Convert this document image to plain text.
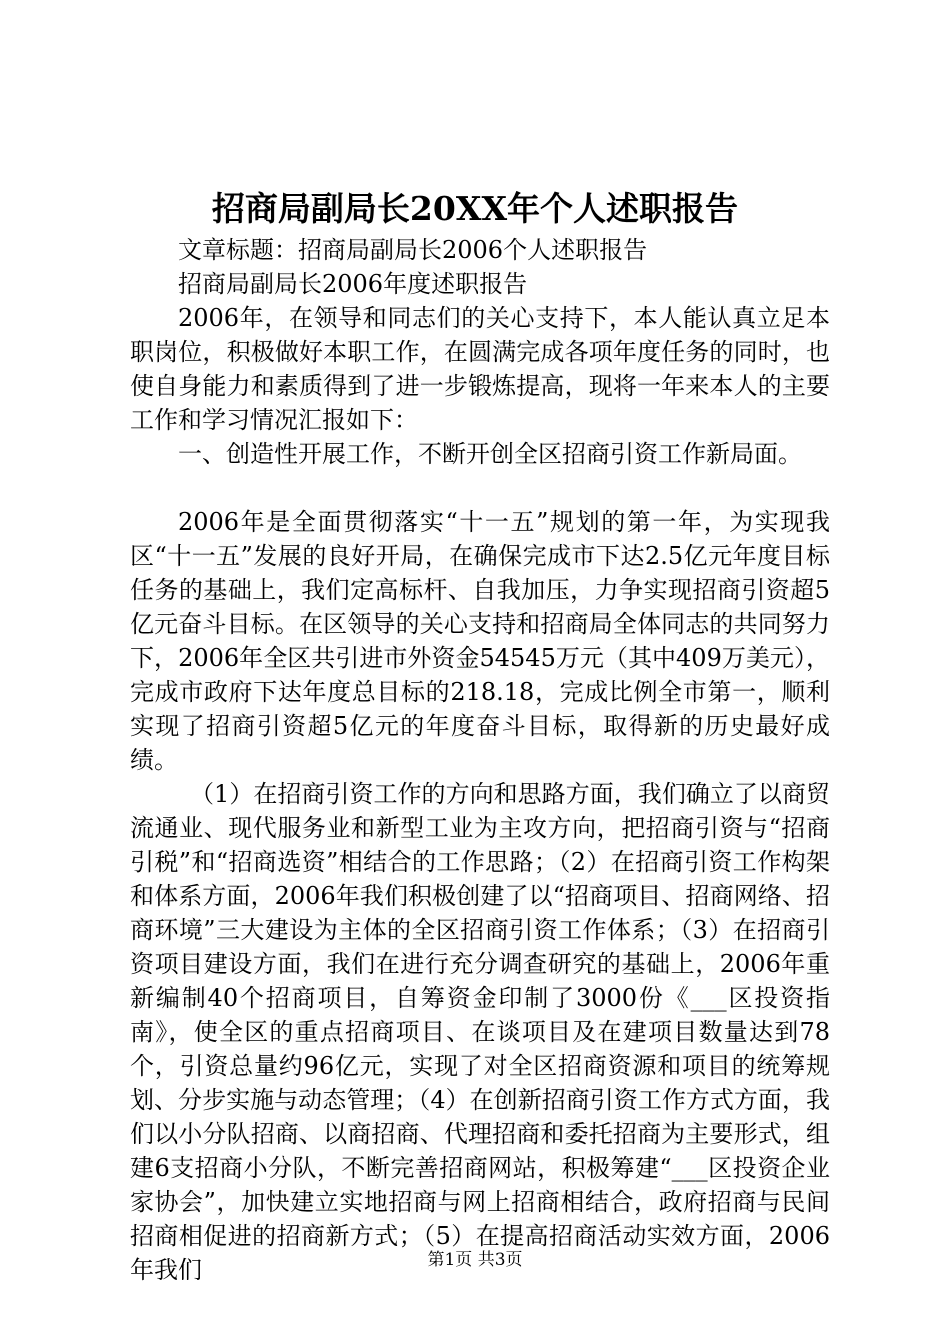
招商局副局长20XX年个人述职报告

文章标题：招商局副局长2006个人述职报告

招商局副局长2006年度述职报告

2006年，在领导和同志们的关心支持下，本人能认真立足本职岗位，积极做好本职工作，在圆满完成各项年度任务的同时，也使自身能力和素质得到了进一步锻炼提高，现将一年来本人的主要工作和学习情况汇报如下：

一、创造性开展工作，不断开创全区招商引资工作新局面。

2006年是全面贯彻落实“十一五”规划的第一年，为实现我区“十一五”发展的良好开局，在确保完成市下达2.5亿元年度目标任务的基础上，我们定高标杆、自我加压，力争实现招商引资超5亿元奋斗目标。在区领导的关心支持和招商局全体同志的共同努力下，2006年全区共引进市外资金54545万元（其中409万美元），完成市政府下达年度总目标的218.18，完成比例全市第一，顺利实现了招商引资超5亿元的年度奋斗目标，取得新的历史最好成绩。

（1）在招商引资工作的方向和思路方面，我们确立了以商贸流通业、现代服务业和新型工业为主攻方向，把招商引资与“招商引税”和“招商选资”相结合的工作思路；（2）在招商引资工作构架和体系方面，2006年我们积极创建了以“招商项目、招商网络、招商环境”三大建设为主体的全区招商引资工作体系；（3）在招商引资项目建设方面，我们在进行充分调查研究的基础上，2006年重新编制40个招商项目，自筹资金印制了3000份《___区投资指南》，使全区的重点招商项目、在谈项目及在建项目数量达到78个，引资总量约96亿元，实现了对全区招商资源和项目的统筹规划、分步实施与动态管理；（4）在创新招商引资工作方式方面，我们以小分队招商、以商招商、代理招商和委托招商为主要形式，组建6支招商小分队，不断完善招商网站，积极筹建“___区投资企业家协会”，加快建立实地招商与网上招商相结合，政府招商与民间招商相促进的招商新方式；（5）在提高招商活动实效方面，2006年我们	第1页 共3页
